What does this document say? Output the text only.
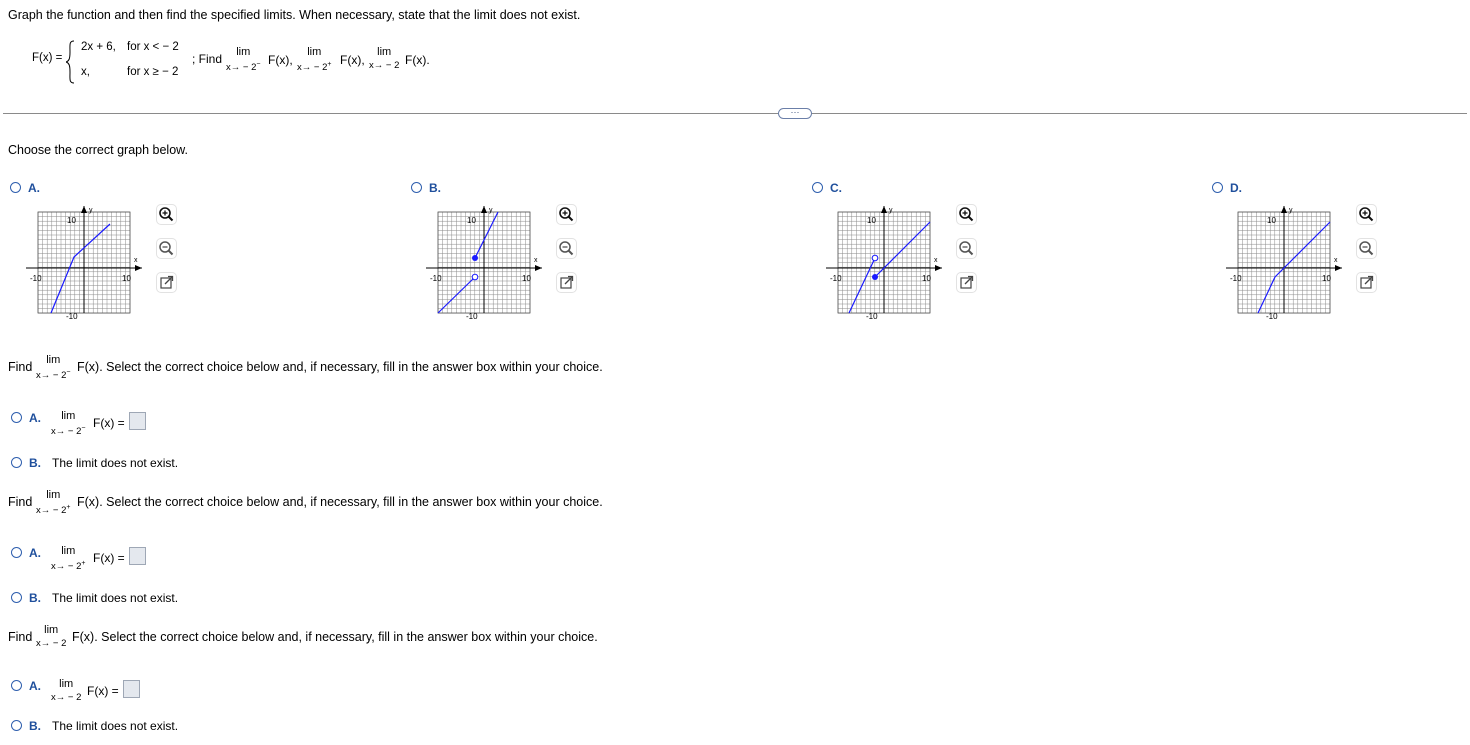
Graph the function and then find the specified limits. When necessary, state that the limit does not exist.
F(x) =
2x + 6, for x < − 2
x,	for x ≥ − 2
; Find	lim
x→ − 2− F(x),
lim
x→ − 2+ F(x),
lim
x→ − 2 F(x).
···
Choose the correct graph below.
A.
10
-10	10
-10
y
x
B.
10
-10	10
-10
y
x
C.
10
-10	10
-10
y
x
D.
10
-10	10
-10
y
x
Find	lim
x→ − 2− F(x). Select the correct choice below and, if necessary, fill in the answer box within your choice.
A.	lim
x→ − 2− F(x) =
B. The limit does not exist.
Find	lim
x→ − 2+ F(x). Select the correct choice below and, if necessary, fill in the answer box within your choice.
A.	lim
x→ − 2+ F(x) =
B. The limit does not exist.
Find	lim
x→ − 2 F(x). Select the correct choice below and, if necessary, fill in the answer box within your choice.
A.	lim
x→ − 2 F(x) =
B. The limit does not exist.
